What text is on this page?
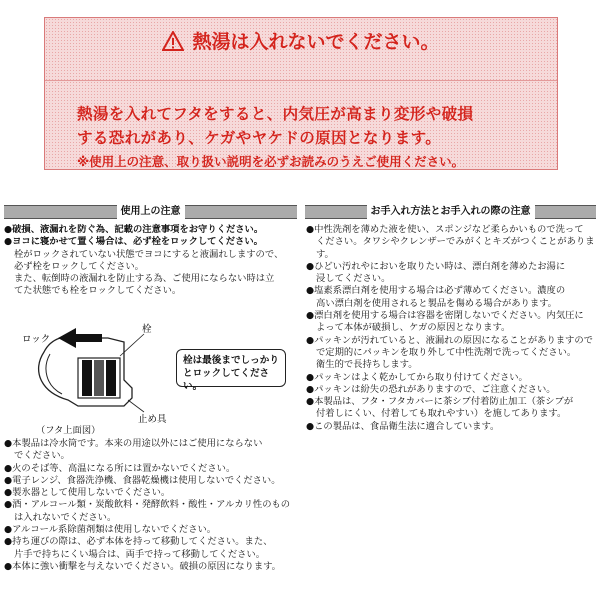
熱湯は入れないでください。
熱湯を入れてフタをすると、内気圧が高まり変形や破損
する恐れがあり、ケガやヤケドの原因となります。
※使用上の注意、取り扱い説明を必ずお読みのうえご使用ください。
使用上の注意	お手入れ方法とお手入れの際の注意

●破損、液漏れを防ぐ為、記載の注意事項をお守りください。

●ヨコに寝かせて置く場合は、必ず栓をロックしてください。

栓がロックされていない状態でヨコにすると液漏れしますので、

必ず栓をロックしてください。

また、転倒時の液漏れを防止する為、ご使用にならない時は立

てた状態でも栓をロックしてください。

ロック
栓
止め具
（フタ上面図）
栓は最後までしっかり
とロックしてください。

●本製品は冷水筒です。本来の用途以外にはご使用にならない

でください。

●火のそば等、高温になる所には置かないでください。

●電子レンジ、食器洗浄機、食器乾燥機は使用しないでください。

●製氷器として使用しないでください。

●酒・アルコール類・炭酸飲料・発酵飲料・酸性・アルカリ性のもの

は入れないでください。

●アルコール系除菌剤類は使用しないでください。

●持ち運びの際は、必ず本体を持って移動してください。また、

片手で持ちにくい場合は、両手で持って移動してください。

●本体に強い衝撃を与えないでください。破損の原因になります。

●中性洗剤を薄めた液を使い、スポンジなど柔らかいもので洗って

ください。タワシやクレンザーでみがくとキズがつくことがあります。

●ひどい汚れやにおいを取りたい時は、漂白剤を薄めたお湯に

浸してください。

●塩素系漂白剤を使用する場合は必ず薄めてください。濃度の

高い漂白剤を使用されると製品を傷める場合があります。

●漂白剤を使用する場合は容器を密閉しないでください。内気圧に

よって本体が破損し、ケガの原因となります。

●パッキンが汚れていると、液漏れの原因になることがありますので

で定期的にパッキンを取り外して中性洗剤で洗ってください。

衛生的で長持ちします。

●パッキンはよく乾かしてから取り付けてください。

●パッキンは紛失の恐れがありますので、ご注意ください。

●本製品は、フタ・フタカバーに茶シブ付着防止加工（茶シブが

付着しにくい、付着しても取れやすい）を施してあります。

●この製品は、食品衛生法に適合しています。
